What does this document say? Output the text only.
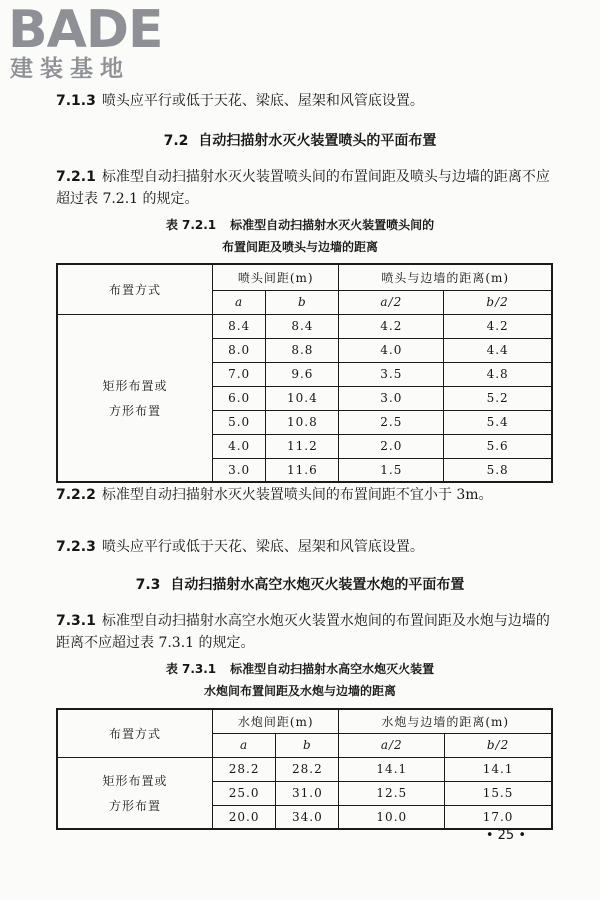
BADE
建装基地
7.1.3 喷头应平行或低于天花、梁底、屋架和风管底设置。
7.2 自动扫描射水灭火装置喷头的平面布置
7.2.1 标准型自动扫描射水灭火装置喷头间的布置间距及喷头与边墙的距离不应超过表 7.2.1 的规定。
表 7.2.1 标准型自动扫描射水灭火装置喷头间的
布置间距及喷头与边墙的距离
布置方式	喷头间距(m)		喷头与边墙的距离(m)	
	a	b	a/2	b/2

矩形布置或
方形布置	8.4	8.4	4.2	4.2
	8.0	8.8	4.0	4.4
	7.0	9.6	3.5	4.8
	6.0	10.4	3.0	5.2
	5.0	10.8	2.5	5.4
	4.0	11.2	2.0	5.6
	3.0	11.6	1.5	5.8
7.2.2 标准型自动扫描射水灭火装置喷头间的布置间距不宜小于 3m。
7.2.3 喷头应平行或低于天花、梁底、屋架和风管底设置。
7.3 自动扫描射水高空水炮灭火装置水炮的平面布置
7.3.1 标准型自动扫描射水高空水炮灭火装置水炮间的布置间距及水炮与边墙的距离不应超过表 7.3.1 的规定。
表 7.3.1 标准型自动扫描射水高空水炮灭火装置
水炮间布置间距及水炮与边墙的距离
布置方式	水炮间距(m)		水炮与边墙的距离(m)	
	a	b	a/2	b/2

矩形布置或
方形布置	28.2	28.2	14.1	14.1
	25.0	31.0	12.5	15.5
	20.0	34.0	10.0	17.0
• 25 •
